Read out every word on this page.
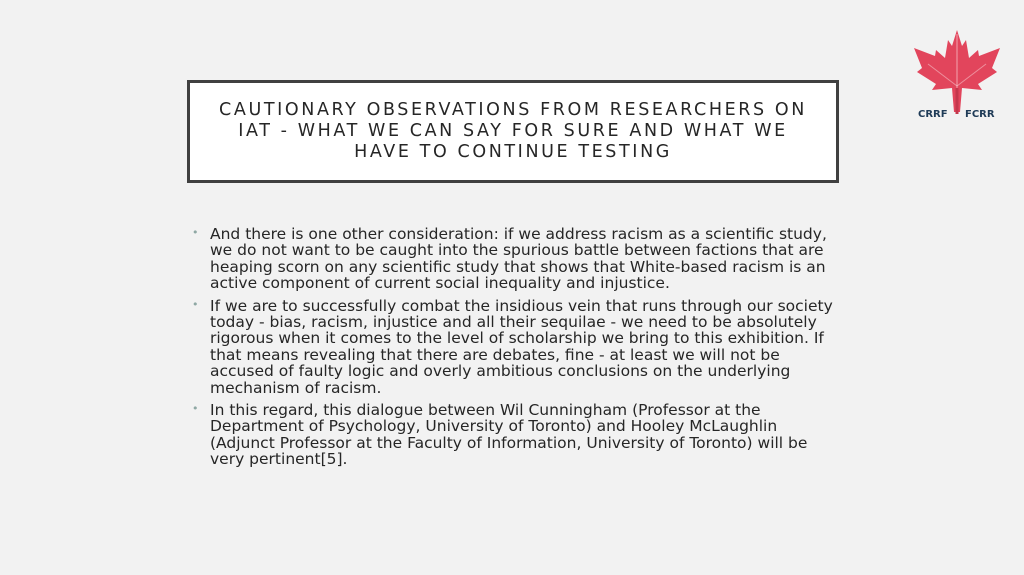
CAUTIONARY OBSERVATIONS FROM RESEARCHERS ON IAT - WHAT WE CAN SAY FOR SURE AND WHAT WE HAVE TO CONTINUE TESTING
• And there is one other consideration: if we address racism as a scientific study, we do not want to be caught into the spurious battle between factions that are heaping scorn on any scientific study that shows that White-based racism is an active component of current social inequality and injustice.
• If we are to successfully combat the insidious vein that runs through our society today - bias, racism, injustice and all their sequilae - we need to be absolutely rigorous when it comes to the level of scholarship we bring to this exhibition. If that means revealing that there are debates, fine - at least we will not be accused of faulty logic and overly ambitious conclusions on the underlying mechanism of racism.
• In this regard, this dialogue between Wil Cunningham (Professor at the Department of Psychology, University of Toronto) and Hooley McLaughlin (Adjunct Professor at the Faculty of Information, University of Toronto) will be very pertinent[5].
CRRF FCRR
